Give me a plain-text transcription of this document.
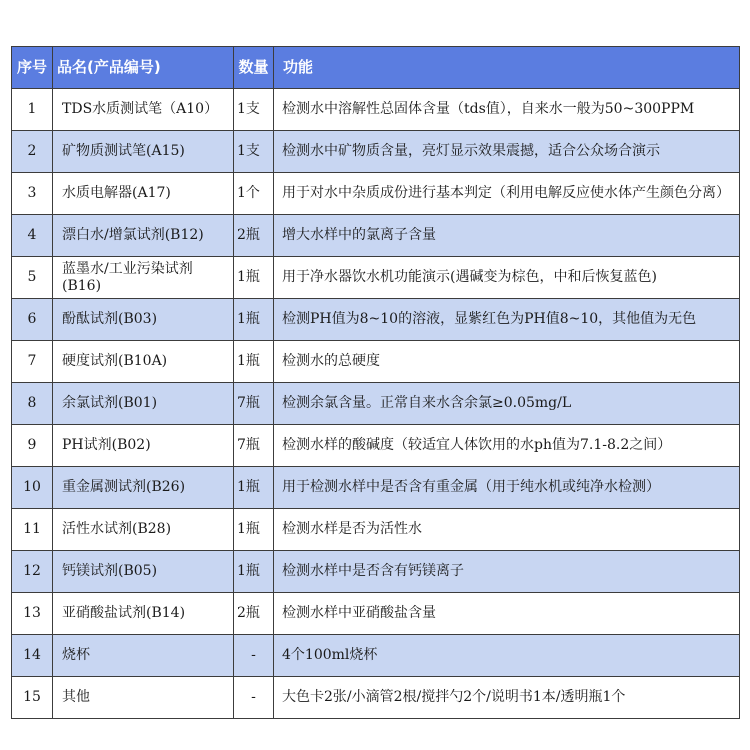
序号	品名(产品编号)	数量	功能
1	TDS水质测试笔（A10）	1支	检测水中溶解性总固体含量（tds值），自来水一般为50~300PPM
2	矿物质测试笔(A15)	1支	检测水中矿物质含量，亮灯显示效果震撼，适合公众场合演示
3	水质电解器(A17)	1个	用于对水中杂质成份进行基本判定（利用电解反应使水体产生颜色分离）
4	漂白水/增氯试剂(B12)	2瓶	增大水样中的氯离子含量
5	蓝墨水/工业污染试剂(B16)	1瓶	用于净水器饮水机功能演示(遇碱变为棕色，中和后恢复蓝色)
6	酚酞试剂(B03)	1瓶	检测PH值为8~10的溶液，显紫红色为PH值8~10，其他值为无色
7	硬度试剂(B10A)	1瓶	检测水的总硬度
8	余氯试剂(B01)	7瓶	检测余氯含量。正常自来水含余氯≥0.05mg/L
9	PH试剂(B02)	7瓶	检测水样的酸碱度（较适宜人体饮用的水ph值为7.1-8.2之间）
10	重金属测试剂(B26)	1瓶	用于检测水样中是否含有重金属（用于纯水机或纯净水检测）
11	活性水试剂(B28)	1瓶	检测水样是否为活性水
12	钙镁试剂(B05)	1瓶	检测水样中是否含有钙镁离子
13	亚硝酸盐试剂(B14)	2瓶	检测水样中亚硝酸盐含量
14	烧杯	-	4个100ml烧杯
15	其他	-	大色卡2张/小滴管2根/搅拌勺2个/说明书1本/透明瓶1个
